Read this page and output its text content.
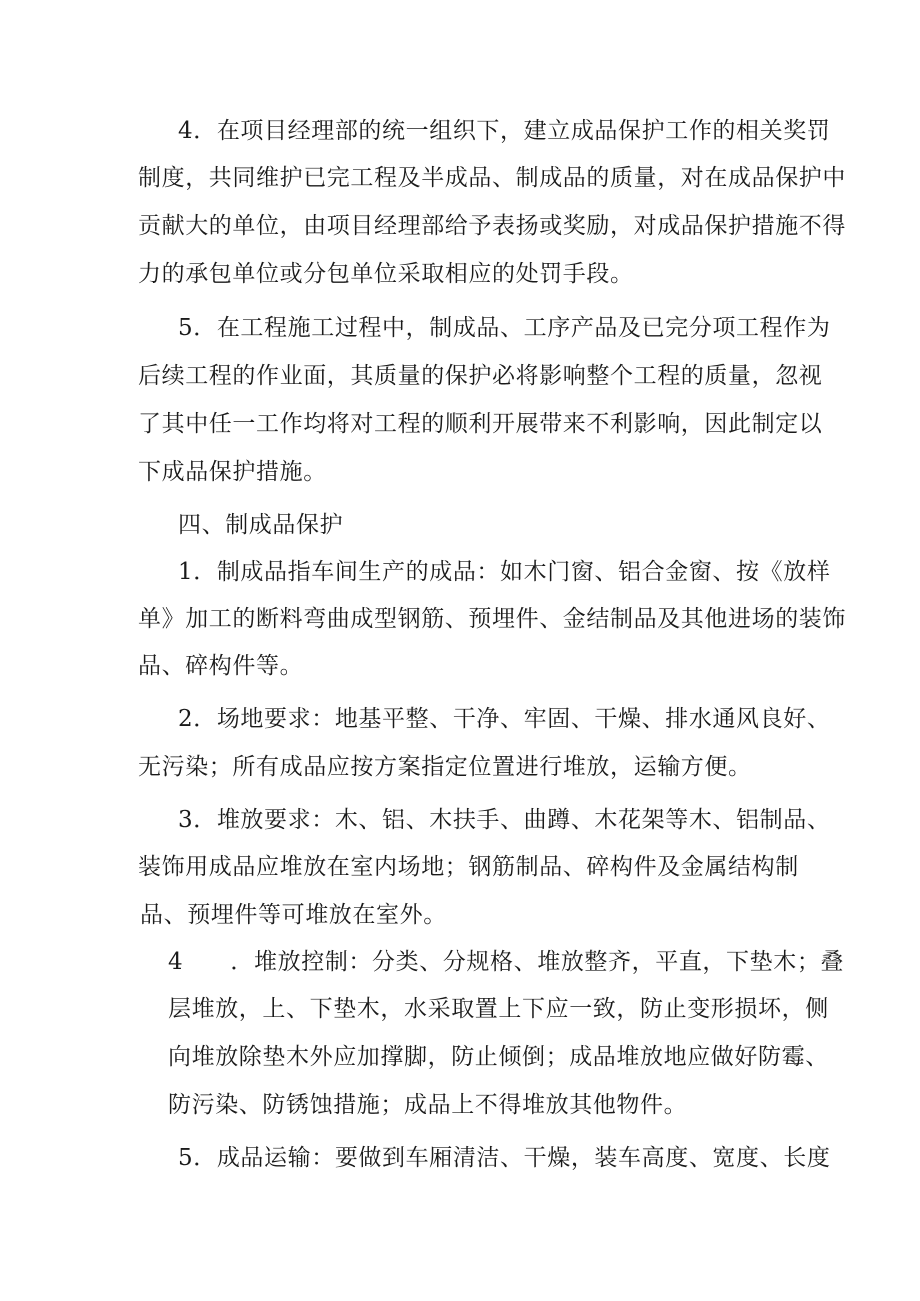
4．在项目经理部的统一组织下，建立成品保护工作的相关奖罚
制度，共同维护已完工程及半成品、制成品的质量，对在成品保护中
贡献大的单位，由项目经理部给予表扬或奖励，对成品保护措施不得
力的承包单位或分包单位采取相应的处罚手段。
5．在工程施工过程中，制成品、工序产品及已完分项工程作为
后续工程的作业面，其质量的保护必将影响整个工程的质量，忽视
了其中任一工作均将对工程的顺利开展带来不利影响，因此制定以
下成品保护措施。
四、制成品保护
1．制成品指车间生产的成品：如木门窗、铝合金窗、按《放样
单》加工的断料弯曲成型钢筋、预埋件、金结制品及其他进场的装饰
品、碎构件等。
2．场地要求：地基平整、干净、牢固、干燥、排水通风良好、
无污染；所有成品应按方案指定位置进行堆放，运输方便。
3．堆放要求：木、铝、木扶手、曲蹲、木花架等木、铝制品、
装饰用成品应堆放在室内场地；钢筋制品、碎构件及金属结构制
品、预埋件等可堆放在室外。
4　　．堆放控制：分类、分规格、堆放整齐，平直，下垫木；叠
层堆放，上、下垫木，水采取置上下应一致，防止变形损坏，侧
向堆放除垫木外应加撑脚，防止倾倒；成品堆放地应做好防霉、
防污染、防锈蚀措施；成品上不得堆放其他物件。
5．成品运输：要做到车厢清洁、干燥，装车高度、宽度、长度
